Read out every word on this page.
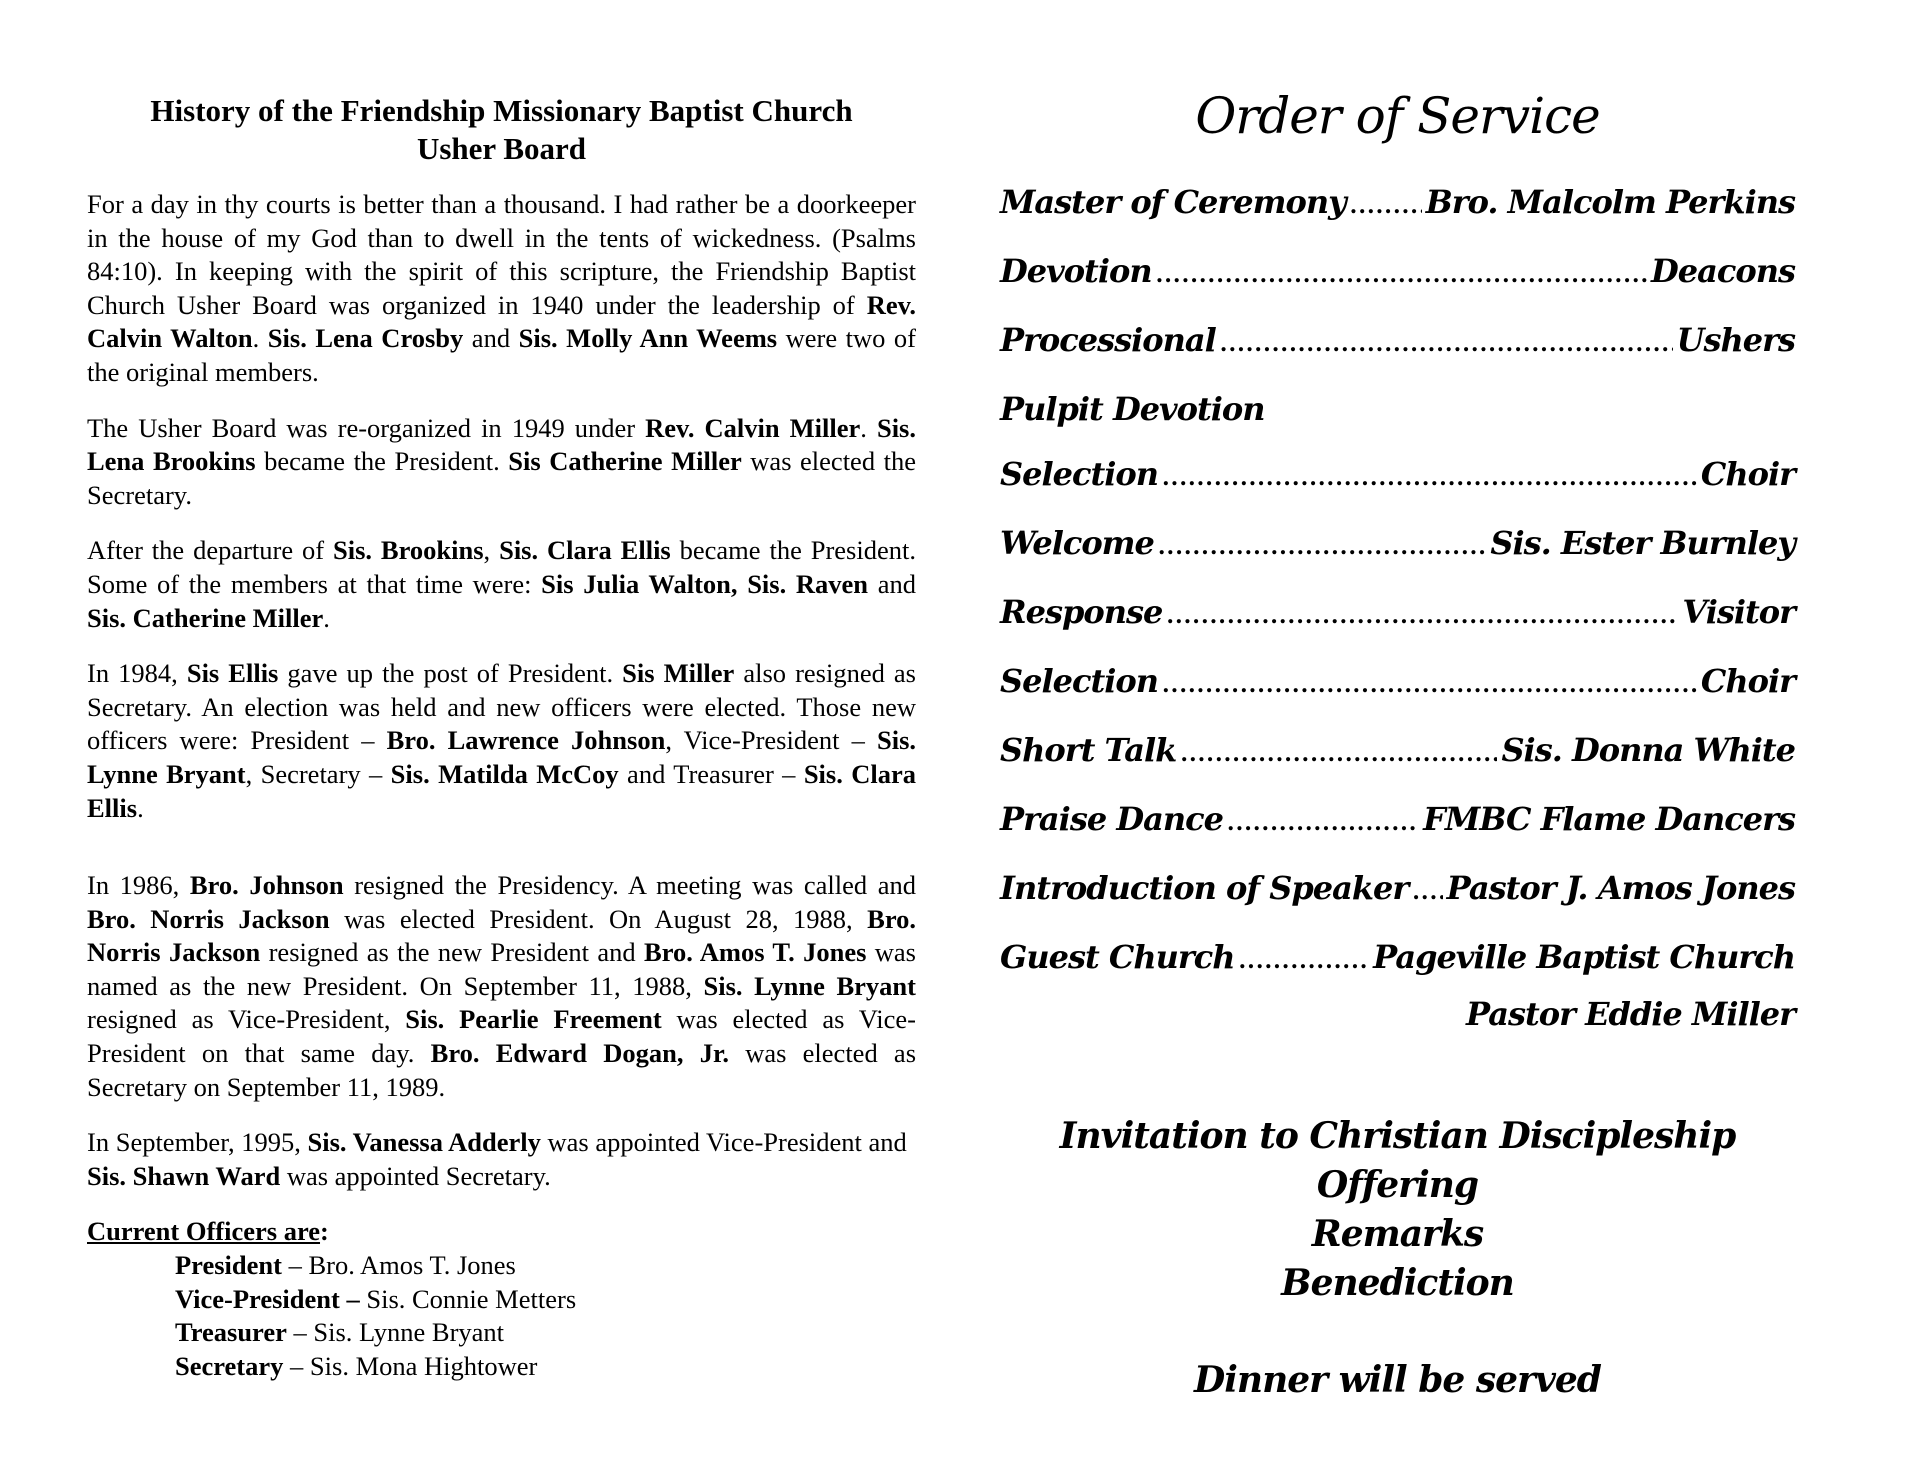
History of the Friendship Missionary Baptist Church
Usher Board

For a day in thy courts is better than a thousand. I had rather be a doorkeeper in the house of my God than to dwell in the tents of wickedness. (Psalms 84:10). In keeping with the spirit of this scripture, the Friendship Baptist Church Usher Board was organized in 1940 under the leadership of Rev. Calvin Walton. Sis. Lena Crosby and Sis. Molly Ann Weems were two of the original members.

The Usher Board was re-organized in 1949 under Rev. Calvin Miller. Sis. Lena Brookins became the President. Sis Catherine Miller was elected the Secretary.

After the departure of Sis. Brookins, Sis. Clara Ellis became the President. Some of the members at that time were: Sis Julia Walton, Sis. Raven and Sis. Catherine Miller.

In 1984, Sis Ellis gave up the post of President. Sis Miller also resigned as Secretary. An election was held and new officers were elected. Those new officers were: President – Bro. Lawrence Johnson, Vice-President – Sis. Lynne Bryant, Secretary – Sis. Matilda McCoy and Treasurer – Sis. Clara Ellis.

In 1986, Bro. Johnson resigned the Presidency. A meeting was called and Bro. Norris Jackson was elected President. On August 28, 1988, Bro. Norris Jackson resigned as the new President and Bro. Amos T. Jones was named as the new President. On September 11, 1988, Sis. Lynne Bryant resigned as Vice-President, Sis. Pearlie Freement was elected as Vice-President on that same day. Bro. Edward Dogan, Jr. was elected as Secretary on September 11, 1989.

In September, 1995, Sis. Vanessa Adderly was appointed Vice-President and

Sis. Shawn Ward was appointed Secretary.

Current Officers are:
President – Bro. Amos T. Jones
Vice-President – Sis. Connie Metters
Treasurer – Sis. Lynne Bryant
Secretary – Sis. Mona Hightower
Order of Service
Master of Ceremony .....	Bro. Malcolm Perkins
Devotion .....	Deacons
Processional .....	Ushers
Pulpit Devotion
Selection .....	Choir
Welcome .....	Sis. Ester Burnley
Response .....	Visitor
Selection .....	Choir
Short Talk .....	Sis. Donna White
Praise Dance .....	FMBC Flame Dancers
Introduction of Speaker ..... Pastor J. Amos Jones
Guest Church .....	Pageville Baptist Church
Pastor Eddie Miller
Invitation to Christian Discipleship
Offering
Remarks
Benediction
Dinner will be served
